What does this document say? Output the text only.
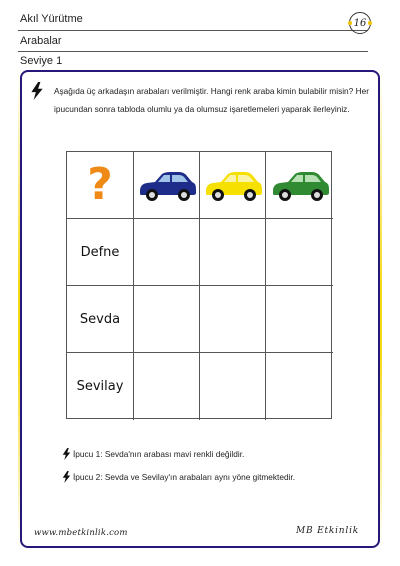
Akıl Yürütme
Arabalar
Seviye 1
16
Aşağıda üç arkadaşın arabaları verilmiştir. Hangi renk araba kimin bulabilir misin? Her ipucundan sonra tabloda olumlu ya da olumsuz işaretlemeleri yaparak ilerleyiniz.
?
Defne
Sevda
Sevilay
İpucu 1: Sevda'nın arabası mavi renkli değildir.
İpucu 2: Sevda ve Sevilay'ın arabaları aynı yöne gitmektedir.
www.mbetkinlik.com	MB Etkinlik
